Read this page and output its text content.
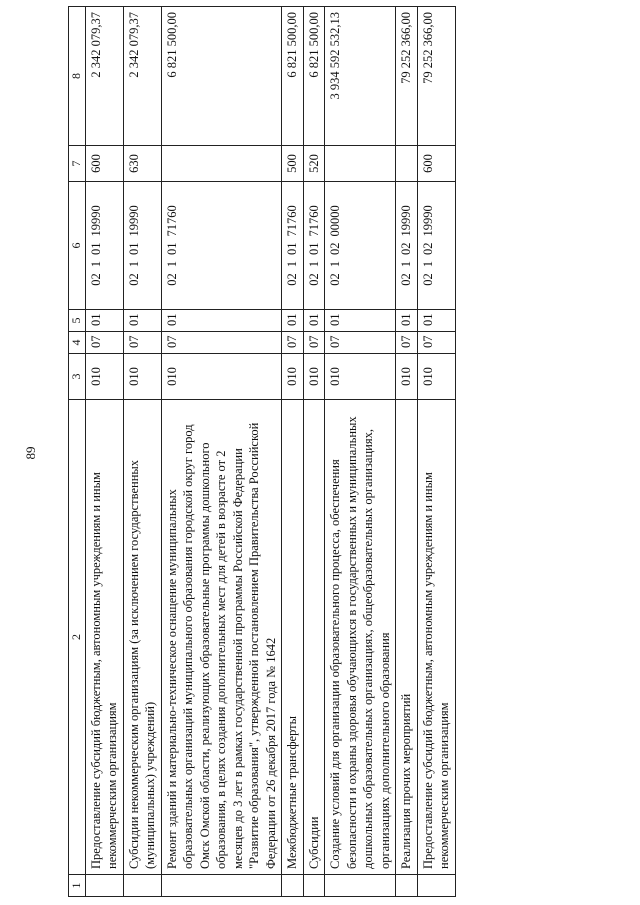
89
1	2	3	4	5	6	7	8
	Предоставление субсидий бюджетным, автономным учреждениям и иным некоммерческим организациям	010	07	01	0210119990	600	2 342 079,37
	Субсидии некоммерческим организациям (за исключением государственных (муниципальных) учреждений)	010	07	01	0210119990	630	2 342 079,37
	Ремонт зданий и материально-техническое оснащение муниципальных образовательных организаций муниципального образования городской округ город Омск Омской области, реализующих образовательные программы дошкольного образования, в целях создания дополнительных мест для детей в возрасте от 2 месяцев до 3 лет в рамках государственной программы Российской Федерации "Развитие образования", утвержденной постановлением Правительства Российской Федерации от 26 декабря 2017 года № 1642	010	07	01	0210171760		6 821 500,00
	Межбюджетные трансферты	010	07	01	0210171760	500	6 821 500,00
	Субсидии	010	07	01	0210171760	520	6 821 500,00
	Создание условий для организации образовательного процесса, обеспечения безопасности и охраны здоровья обучающихся в государственных и муниципальных дошкольных образовательных организациях, общеобразовательных организациях, организациях дополнительного образования	010	07	01	0210200000		3 934 592 532,13
	Реализация прочих мероприятий	010	07	01	0210219990		79 252 366,00
	Предоставление субсидий бюджетным, автономным учреждениям и иным некоммерческим организациям	010	07	01	0210219990	600	79 252 366,00
